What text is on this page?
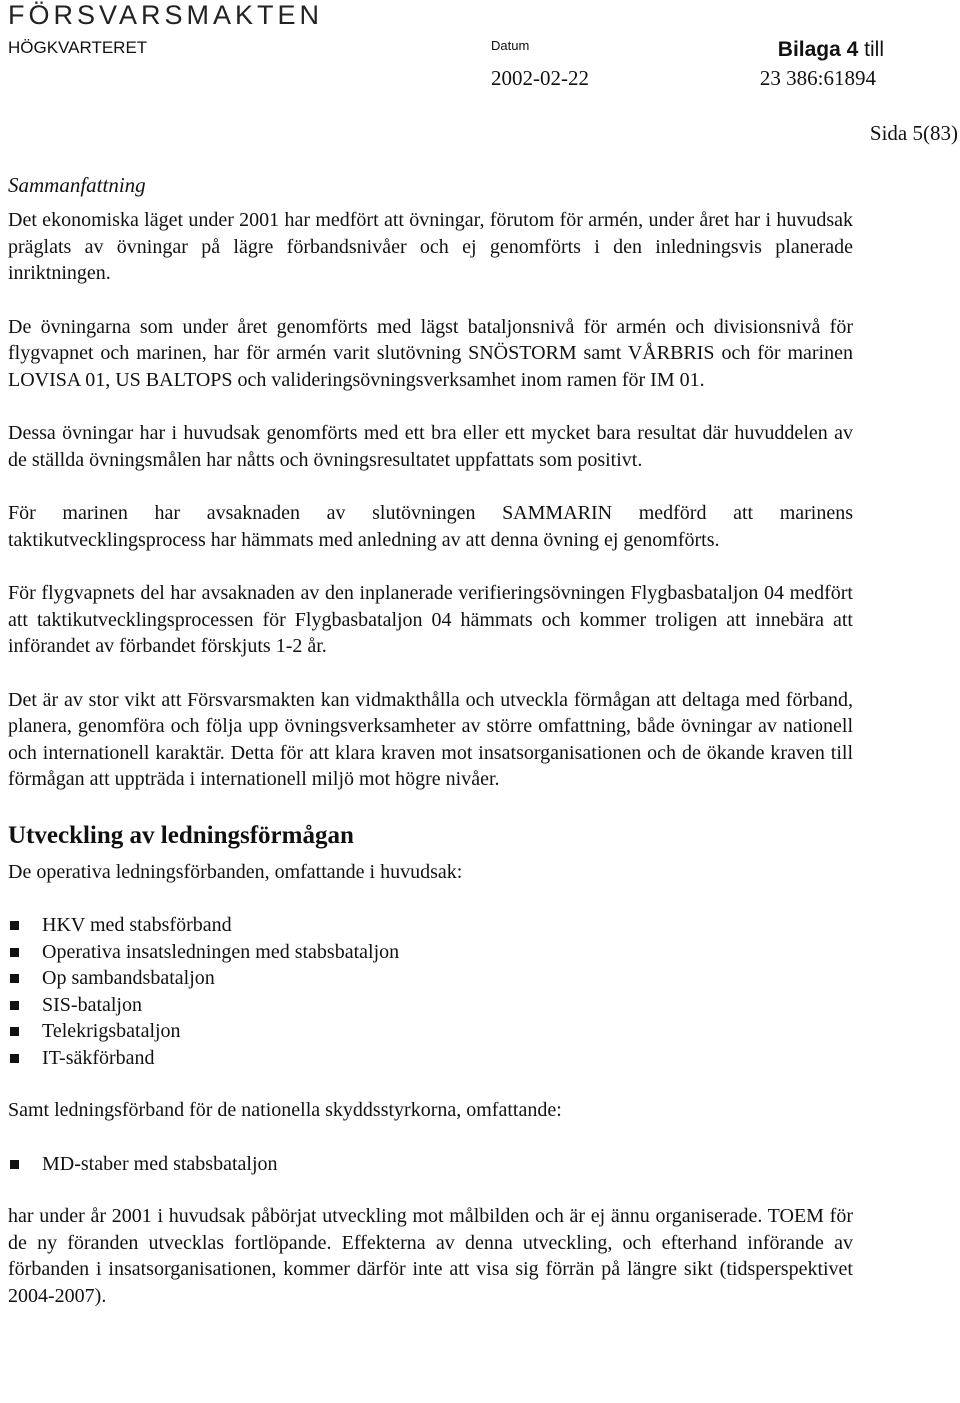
FÖRSVARSMAKTEN
HÖGKVARTERET	Datum	Bilaga 4 till
2002-02-22	23 386:61894
Sida 5(83)
Sammanfattning

Det ekonomiska läget under 2001 har medfört att övningar, förutom för armén, under året har i huvudsak präglats av övningar på lägre förbandsnivåer och ej genomförts i den inledningsvis planerade inriktningen.

De övningarna som under året genomförts med lägst bataljonsnivå för armén och divisionsnivå för flygvapnet och marinen, har för armén varit slutövning SNÖSTORM samt VÅRBRIS och för marinen LOVISA 01, US BALTOPS och valideringsövningsverksamhet inom ramen för IM 01.

Dessa övningar har i huvudsak genomförts med ett bra eller ett mycket bara resultat där huvuddelen av de ställda övningsmålen har nåtts och övningsresultatet uppfattats som positivt.

För marinen har avsaknaden av slutövningen SAMMARIN medförd att marinens taktikutvecklingsprocess har hämmats med anledning av att denna övning ej genomförts.

För flygvapnets del har avsaknaden av den inplanerade verifieringsövningen Flygbasbataljon 04 medfört att taktikutvecklingsprocessen för Flygbasbataljon 04 hämmats och kommer troligen att innebära att införandet av förbandet förskjuts 1-2 år.

Det är av stor vikt att Försvarsmakten kan vidmakthålla och utveckla förmågan att deltaga med förband, planera, genomföra och följa upp övningsverksamheter av större omfattning, både övningar av nationell och internationell karaktär. Detta för att klara kraven mot insatsorganisationen och de ökande kraven till förmågan att uppträda i internationell miljö mot högre nivåer.

Utveckling av ledningsförmågan

De operativa ledningsförbanden, omfattande i huvudsak:

HKV med stabsförband
Operativa insatsledningen med stabsbataljon
Op sambandsbataljon
SIS-bataljon
Telekrigsbataljon
IT-säkförband

Samt ledningsförband för de nationella skyddsstyrkorna, omfattande:

MD-staber med stabsbataljon

har under år 2001 i huvudsak påbörjat utveckling mot målbilden och är ej ännu organiserade. TOEM för de ny föranden utvecklas fortlöpande. Effekterna av denna utveckling, och efterhand införande av förbanden i insatsorganisationen, kommer därför inte att visa sig förrän på längre sikt (tidsperspektivet 2004-2007).
